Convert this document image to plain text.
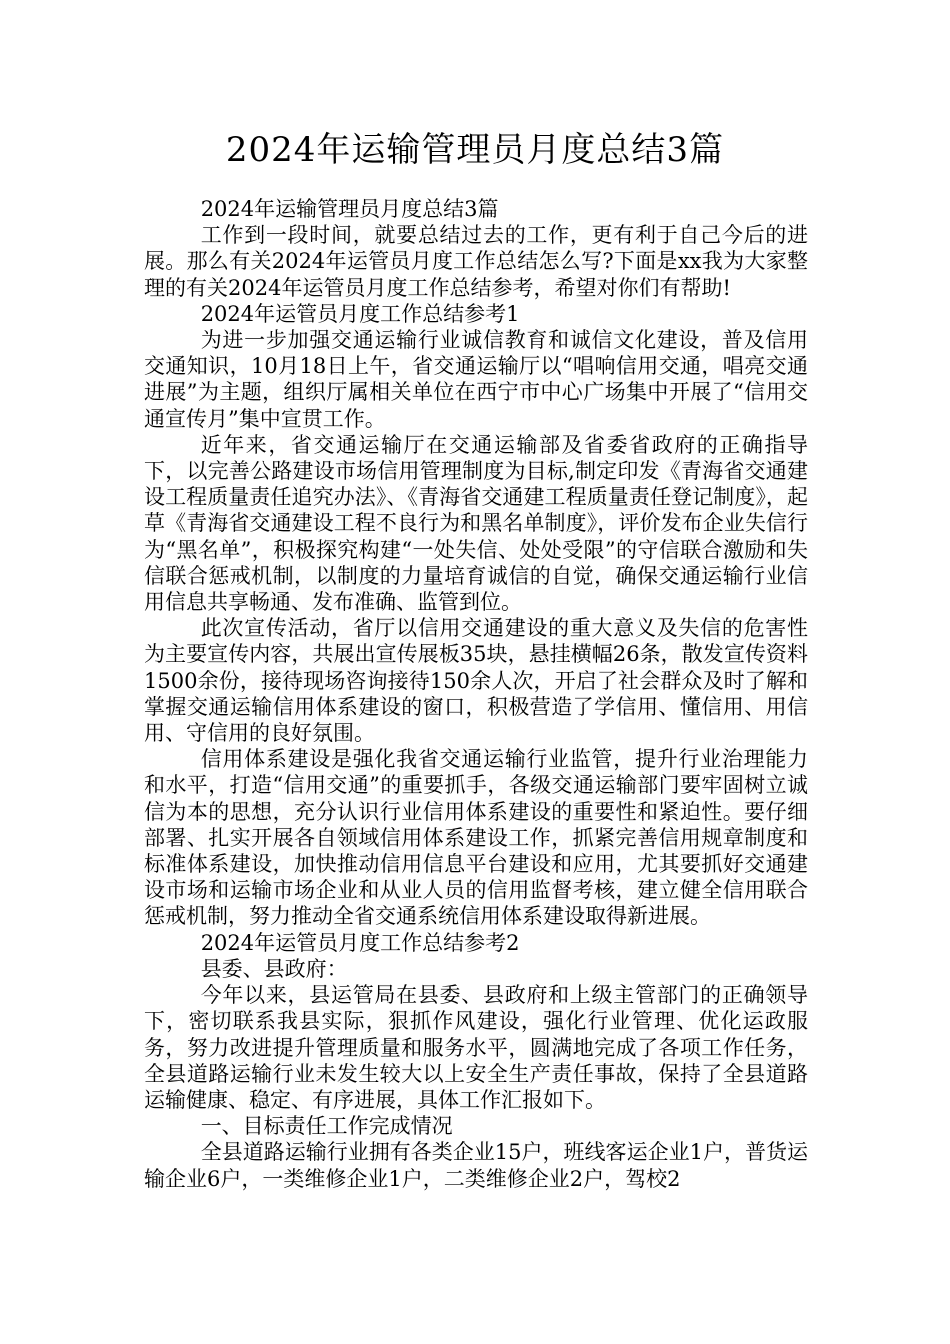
2024年运输管理员月度总结3篇

2024年运输管理员月度总结3篇

工作到一段时间，就要总结过去的工作，更有利于自己今后的进展。那么有关2024年运管员月度工作总结怎么写?下面是xx我为大家整理的有关2024年运管员月度工作总结参考，希望对你们有帮助!

2024年运管员月度工作总结参考1

为进一步加强交通运输行业诚信教育和诚信文化建设，普及信用交通知识，10月18日上午，省交通运输厅以“唱响信用交通，唱亮交通进展”为主题，组织厅属相关单位在西宁市中心广场集中开展了“信用交通宣传月”集中宣贯工作。

近年来，省交通运输厅在交通运输部及省委省政府的正确指导下，以完善公路建设市场信用管理制度为目标,制定印发《青海省交通建设工程质量责任追究办法》、《青海省交通建工程质量责任登记制度》，起草《青海省交通建设工程不良行为和黑名单制度》，评价发布企业失信行为“黑名单”，积极探究构建“一处失信、处处受限”的守信联合激励和失信联合惩戒机制，以制度的力量培育诚信的自觉，确保交通运输行业信用信息共享畅通、发布准确、监管到位。

此次宣传活动，省厅以信用交通建设的重大意义及失信的危害性为主要宣传内容，共展出宣传展板35块，悬挂横幅26条，散发宣传资料1500余份，接待现场咨询接待150余人次，开启了社会群众及时了解和掌握交通运输信用体系建设的窗口，积极营造了学信用、懂信用、用信用、守信用的良好氛围。

信用体系建设是强化我省交通运输行业监管，提升行业治理能力和水平，打造“信用交通”的重要抓手，各级交通运输部门要牢固树立诚信为本的思想，充分认识行业信用体系建设的重要性和紧迫性。要仔细部署、扎实开展各自领域信用体系建设工作，抓紧完善信用规章制度和标准体系建设，加快推动信用信息平台建设和应用，尤其要抓好交通建设市场和运输市场企业和从业人员的信用监督考核，建立健全信用联合惩戒机制，努力推动全省交通系统信用体系建设取得新进展。

2024年运管员月度工作总结参考2

县委、县政府：

今年以来，县运管局在县委、县政府和上级主管部门的正确领导下，密切联系我县实际，狠抓作风建设，强化行业管理、优化运政服务，努力改进提升管理质量和服务水平，圆满地完成了各项工作任务，全县道路运输行业未发生较大以上安全生产责任事故，保持了全县道路运输健康、稳定、有序进展，具体工作汇报如下。

一、目标责任工作完成情况

全县道路运输行业拥有各类企业15户，班线客运企业1户，普货运输企业6户，一类维修企业1户，二类维修企业2户，驾校2
